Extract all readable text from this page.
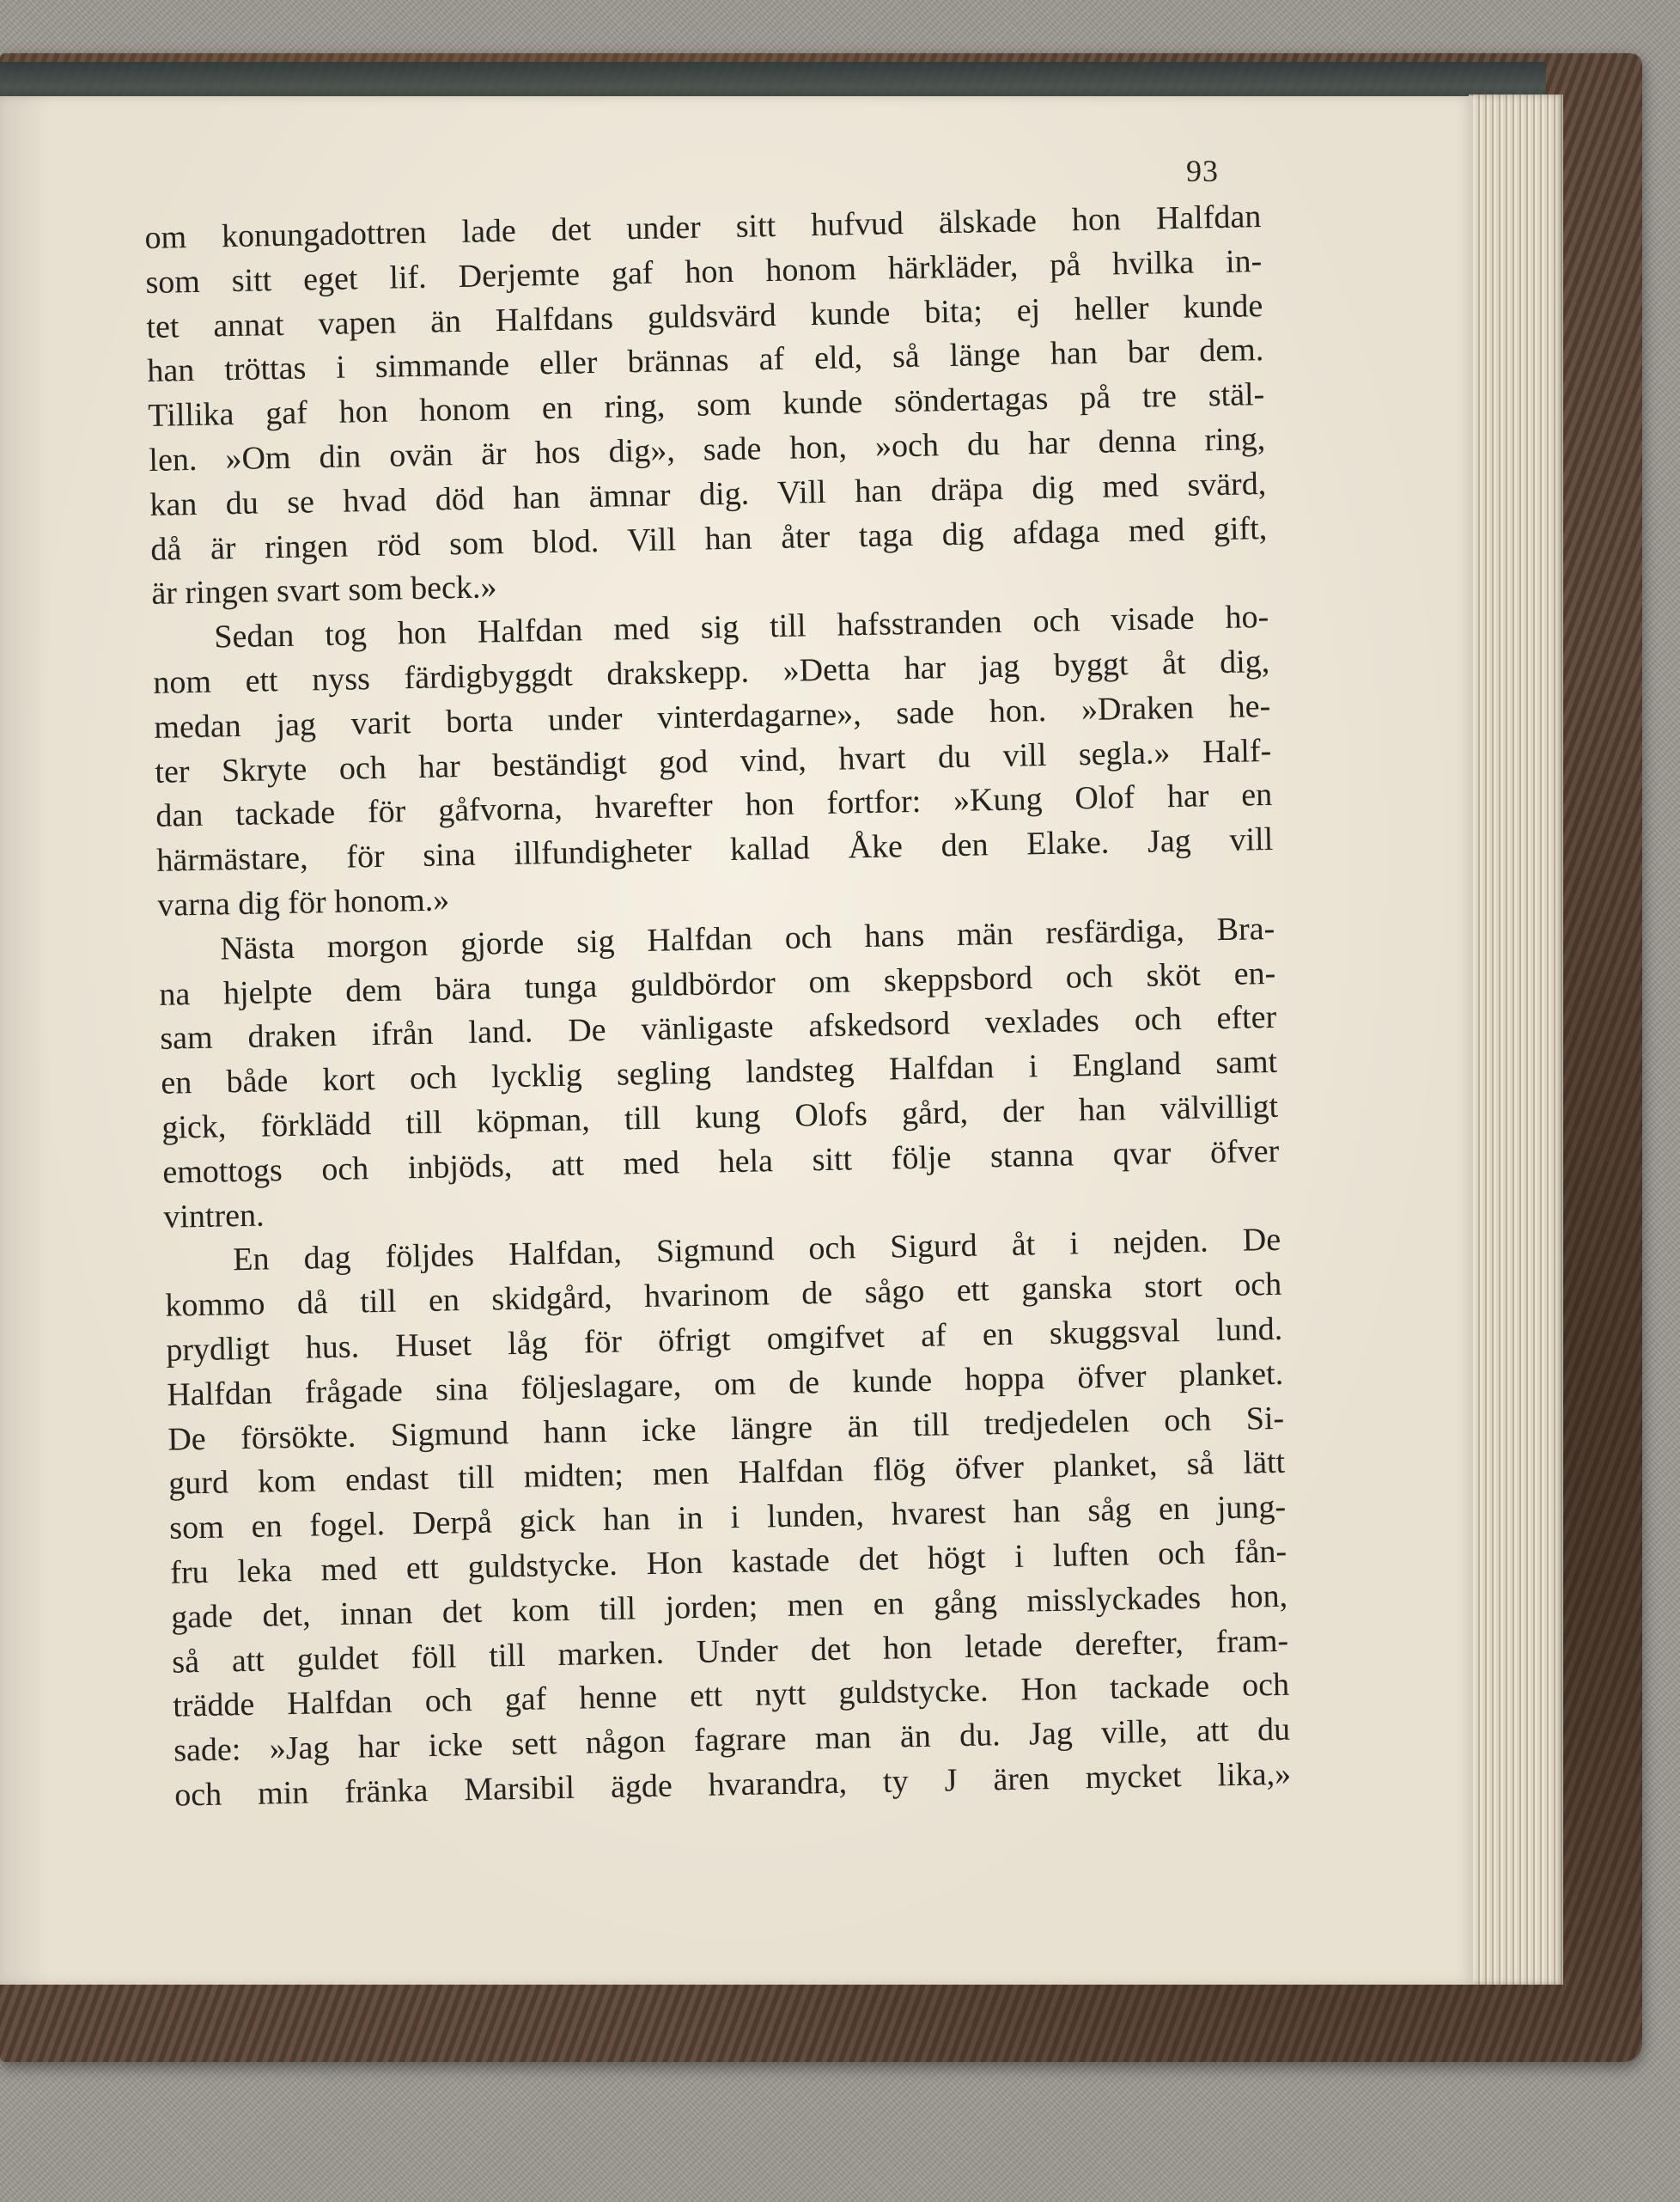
93
om konungadottren lade det under sitt hufvud älskade hon Halfdan
som sitt eget lif. Derjemte gaf hon honom härkläder, på hvilka in-
tet annat vapen än Halfdans guldsvärd kunde bita; ej heller kunde
han tröttas i simmande eller brännas af eld, så länge han bar dem.
Tillika gaf hon honom en ring, som kunde söndertagas på tre stäl-
len. »Om din ovän är hos dig», sade hon, »och du har denna ring,
kan du se hvad död han ämnar dig. Vill han dräpa dig med svärd,
då är ringen röd som blod. Vill han åter taga dig afdaga med gift,
är ringen svart som beck.»
Sedan tog hon Halfdan med sig till hafsstranden och visade ho-
nom ett nyss färdigbyggdt drakskepp. »Detta har jag byggt åt dig,
medan jag varit borta under vinterdagarne», sade hon. »Draken he-
ter Skryte och har beständigt god vind, hvart du vill segla.» Half-
dan tackade för gåfvorna, hvarefter hon fortfor: »Kung Olof har en
härmästare, för sina illfundigheter kallad Åke den Elake. Jag vill
varna dig för honom.»
Nästa morgon gjorde sig Halfdan och hans män resfärdiga, Bra-
na hjelpte dem bära tunga guldbördor om skeppsbord och sköt en-
sam draken ifrån land. De vänligaste afskedsord vexlades och efter
en både kort och lycklig segling landsteg Halfdan i England samt
gick, förklädd till köpman, till kung Olofs gård, der han välvilligt
emottogs och inbjöds, att med hela sitt följe stanna qvar öfver
vintren.
En dag följdes Halfdan, Sigmund och Sigurd åt i nejden. De
kommo då till en skidgård, hvarinom de sågo ett ganska stort och
prydligt hus. Huset låg för öfrigt omgifvet af en skuggsval lund.
Halfdan frågade sina följeslagare, om de kunde hoppa öfver planket.
De försökte. Sigmund hann icke längre än till tredjedelen och Si-
gurd kom endast till midten; men Halfdan flög öfver planket, så lätt
som en fogel. Derpå gick han in i lunden, hvarest han såg en jung-
fru leka med ett guldstycke. Hon kastade det högt i luften och fån-
gade det, innan det kom till jorden; men en gång misslyckades hon,
så att guldet föll till marken. Under det hon letade derefter, fram-
trädde Halfdan och gaf henne ett nytt guldstycke. Hon tackade och
sade: »Jag har icke sett någon fagrare man än du. Jag ville, att du
och min fränka Marsibil ägde hvarandra, ty J ären mycket lika,»
